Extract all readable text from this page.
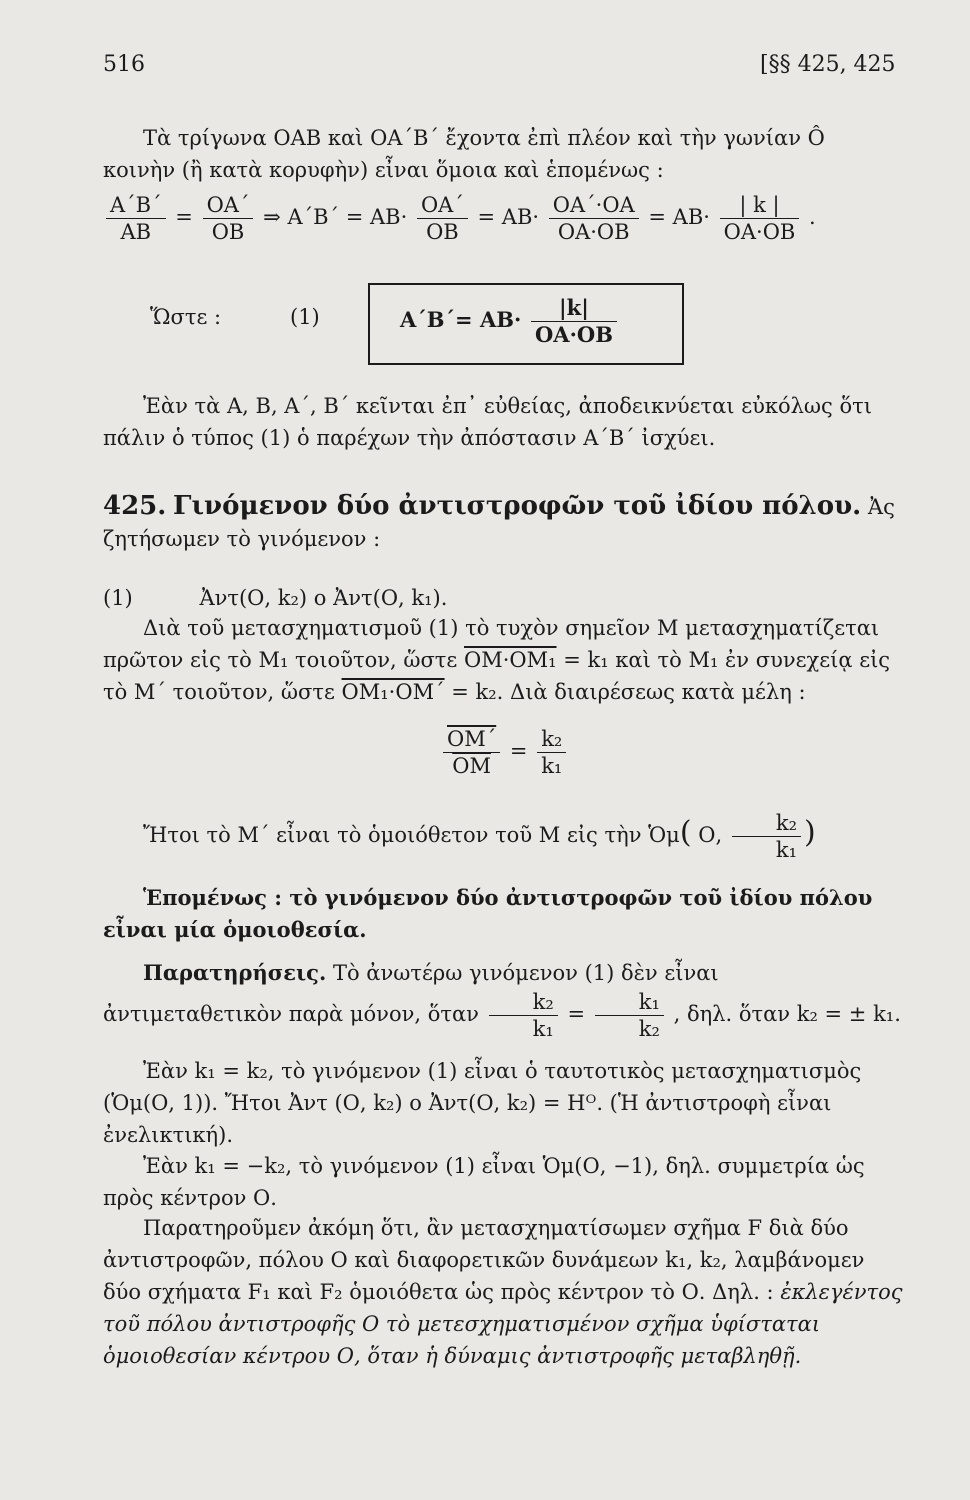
516	[§§ 425, 425
Τὰ τρίγωνα ΟΑΒ καὶ ΟΑ΄Β΄ ἔχοντα ἐπὶ πλέον καὶ τὴν γωνίαν Ô κοινὴν (ἢ κατὰ κορυφὴν) εἶναι ὅμοια καὶ ἑπομένως :
$\frac{A΄B΄}{AB} = \frac{OA΄}{OB}$ ⇒ $A΄B΄ = AB\cdot \frac{OA΄}{OB} = AB\cdot \frac{OA΄\cdot OA}{OA\cdot OB} = AB\cdot \frac{| k |}{OA\cdot OB}$ .
Ὥστε :	(1)	$A΄B΄= AB\cdot \frac{|k|}{OA\cdot OB}$
Ἐὰν τὰ Α, Β, Α΄, Β΄ κεῖνται ἐπ᾽ εὐθείας, ἀποδεικνύεται εὐκόλως ὅτι πάλιν ὁ τύπος (1) ὁ παρέχων τὴν ἀπόστασιν Α΄Β΄ ἰσχύει.
425. Γινόμενον δύο ἀντιστροφῶν τοῦ ἰδίου πόλου. Ἀς ζητήσωμεν τὸ γινόμενον :
(1)	Ἀντ(Ο, k₂) ο Ἀντ(Ο, k₁).
Διὰ τοῦ μετασχηματισμοῦ (1) τὸ τυχὸν σημεῖον Μ μετασχηματίζεται πρῶτον εἰς τὸ Μ₁ τοιοῦτον, ὥστε ΟΜ·ΟΜ₁ = k₁ καὶ τὸ Μ₁ ἐν συνεχείᾳ εἰς τὸ Μ΄ τοιοῦτον, ὥστε ΟΜ₁·ΟΜ΄ = k₂. Διὰ διαιρέσεως κατὰ μέλη :
$\frac{\overline{OM΄}}{OM} = \frac{\text{k₂}}{\text{k₁}}$
Ἤτοι τὸ Μ΄ εἶναι τὸ ὁμοιόθετον τοῦ Μ εἰς τὴν Ὁμ( Ο, $\frac{\text{k₂}}{\text{k₁}}$ )
Ἑπομένως : τὸ γινόμενον δύο ἀντιστροφῶν τοῦ ἰδίου πόλου εἶναι μία ὁμοιοθεσία.
Παρατηρήσεις. Τὸ ἀνωτέρω γινόμενον (1) δὲν εἶναι ἀντιμεταθετικὸν παρὰ μόνον, ὅταν $\frac{\text{k₂}}{\text{k₁}} = \frac{\text{k₁}}{\text{k₂}}$ , δηλ. ὅταν k₂ = ± k₁.
Ἐὰν k₁ = k₂, τὸ γινόμενον (1) εἶναι ὁ ταυτοτικὸς μετασχηματισμὸς (Ὁμ(Ο, 1)). Ἤτοι Ἀντ (Ο, k₂) ο Ἀντ(Ο, k₂) = Ηᴼ. (Ἡ ἀντιστροφὴ εἶναι ἐνελικτική).
Ἐὰν k₁ = −k₂, τὸ γινόμενον (1) εἶναι Ὁμ(Ο, −1), δηλ. συμμετρία ὡς πρὸς κέντρον Ο.
Παρατηροῦμεν ἀκόμη ὅτι, ἂν μετασχηματίσωμεν σχῆμα F διὰ δύο ἀντιστροφῶν, πόλου Ο καὶ διαφορετικῶν δυνάμεων k₁, k₂, λαμβάνομεν δύο σχήματα F₁ καὶ F₂ ὁμοιόθετα ὡς πρὸς κέντρον τὸ Ο. Δηλ. : ἐκλεγέντος τοῦ πόλου ἀντιστροφῆς Ο τὸ μετεσχηματισμένον σχῆμα ὑφίσταται ὁμοιοθεσίαν κέντρου Ο, ὅταν ἡ δύναμις ἀντιστροφῆς μεταβληθῇ.
